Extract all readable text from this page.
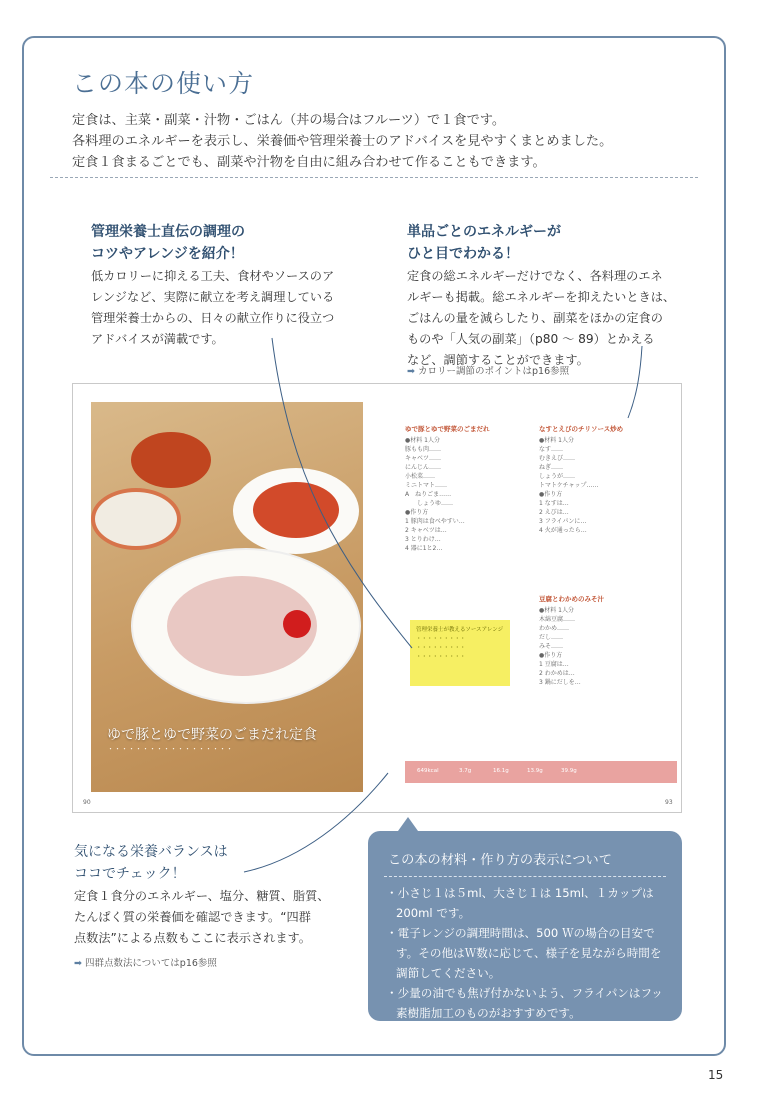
この本の使い方
定食は、主菜・副菜・汁物・ごはん（丼の場合はフルーツ）で１食です。
各料理のエネルギーを表示し、栄養価や管理栄養士のアドバイスを見やすくまとめました。
定食１食まるごとでも、副菜や汁物を自由に組み合わせて作ることもできます。
管理栄養士直伝の調理の
コツやアレンジを紹介！
低カロリーに抑える工夫、食材やソースのア
レンジなど、実際に献立を考え調理している
管理栄養士からの、日々の献立作りに役立つ
アドバイスが満載です。
単品ごとのエネルギーが
ひと目でわかる！
定食の総エネルギーだけでなく、各料理のエネ
ルギーも掲載。総エネルギーを抑えたいときは、
ごはんの量を減らしたり、副菜をほかの定食の
ものや「人気の副菜」（p80 ～ 89）とかえる
など、調節することができます。
➡ カロリー調節のポイントはp16参照
ゆで豚とゆで野菜のごまだれ定食
・・・・・・・・・・・・・・・・・・
ゆで豚とゆで野菜のごまだれ
●材料 1人分
豚もも肉……
キャベツ……
にんじん……
小松菜……
ミニトマト……
A　ねりごま……
　　しょうゆ……
●作り方
1 豚肉は食べやすい…
2 キャベツは…
3 とりわけ…
4 器に1と2…
管理栄養士が教えるソースアレンジ
・・・・・・・・・
・・・・・・・・・
・・・・・・・・・
なすとえびのチリソース炒め
●材料 1人分
なす……
むきえび……
ねぎ……
しょうが……
トマトケチャップ……
●作り方
1 なすは…
2 えびは…
3 フライパンに…
4 火が通ったら…
豆腐とわかめのみそ汁
●材料 1人分
木綿豆腐……
わかめ……
だし……
みそ……
●作り方
1 豆腐は…
2 わかめは…
3 鍋にだしを…
649kcal	3.7g	16.1g	13.9g	39.9g
90	93
気になる栄養バランスは
ココでチェック！
定食１食分のエネルギー、塩分、糖質、脂質、
たんぱく質の栄養価を確認できます。“四群
点数法”による点数もここに表示されます。
➡ 四群点数法についてはp16参照
この本の材料・作り方の表示について
・小さじ１は５ml、大さじ１は 15ml、１カップは 200ml です。
・電子レンジの調理時間は、500 Ｗの場合の目安です。その他はＷ数に応じて、様子を見ながら時間を調節してください。
・少量の油でも焦げ付かないよう、フライパンはフッ素樹脂加工のものがおすすめです。
15
